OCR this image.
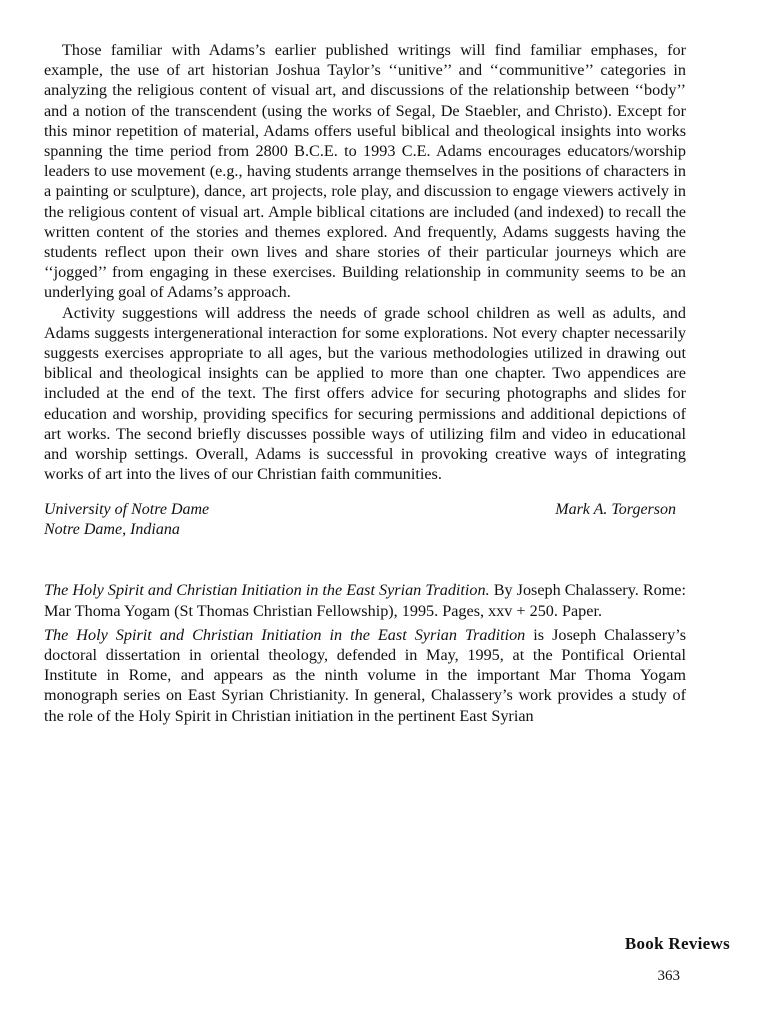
Those familiar with Adams’s earlier published writings will find familiar emphases, for example, the use of art historian Joshua Taylor’s ‘‘unitive’’ and ‘‘communitive’’ categories in analyzing the religious content of visual art, and discussions of the relationship between ‘‘body’’ and a notion of the transcendent (using the works of Segal, De Staebler, and Christo). Except for this minor repetition of material, Adams offers useful biblical and theological insights into works spanning the time period from 2800 B.C.E. to 1993 C.E. Adams encourages educators/worship leaders to use movement (e.g., having students arrange themselves in the positions of characters in a painting or sculpture), dance, art projects, role play, and discussion to engage viewers actively in the religious content of visual art. Ample biblical citations are included (and indexed) to recall the written content of the stories and themes explored. And frequently, Adams suggests having the students reflect upon their own lives and share stories of their particular journeys which are ‘‘jogged’’ from engaging in these exercises. Building relationship in community seems to be an underlying goal of Adams’s approach.

Activity suggestions will address the needs of grade school children as well as adults, and Adams suggests intergenerational interaction for some explorations. Not every chapter necessarily suggests exercises appropriate to all ages, but the various methodologies utilized in drawing out biblical and theological insights can be applied to more than one chapter. Two appendices are included at the end of the text. The first offers advice for securing photographs and slides for education and worship, providing specifics for securing permissions and additional depictions of art works. The second briefly discusses possible ways of utilizing film and video in educational and worship settings. Overall, Adams is successful in provoking creative ways of integrating works of art into the lives of our Christian faith communities.

University of Notre Dame
Notre Dame, Indiana
Mark A. Torgerson

The Holy Spirit and Christian Initiation in the East Syrian Tradition. By Joseph Chalassery. Rome: Mar Thoma Yogam (St Thomas Christian Fellowship), 1995. Pages, xxv + 250. Paper.

The Holy Spirit and Christian Initiation in the East Syrian Tradition is Joseph Chalassery’s doctoral dissertation in oriental theology, defended in May, 1995, at the Pontifical Oriental Institute in Rome, and appears as the ninth volume in the important Mar Thoma Yogam monograph series on East Syrian Christianity. In general, Chalassery’s work provides a study of the role of the Holy Spirit in Christian initiation in the pertinent East Syrian

Book Reviews
363
